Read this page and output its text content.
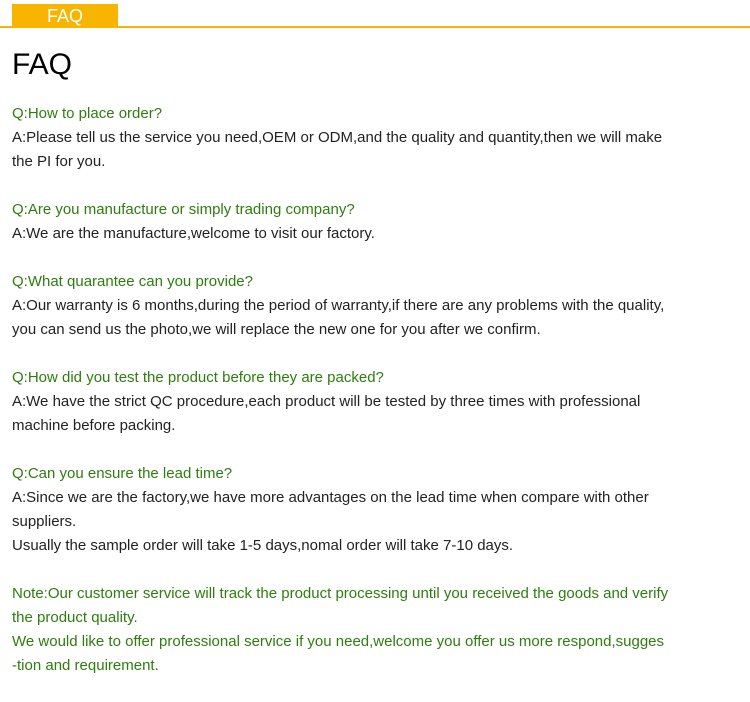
FAQ
FAQ
Q:How to place order?
A:Please tell us the service you need,OEM or ODM,and the quality and quantity,then we will make
the PI for you.
Q:Are you manufacture or simply trading company?
A:We are the manufacture,welcome to visit our factory.
Q:What quarantee can you provide?
A:Our warranty is 6 months,during the period of warranty,if there are any problems with the quality,
you can send us the photo,we will replace the new one for you after we confirm.
Q:How did you test the product before they are packed?
A:We have the strict QC procedure,each product will be tested by three times with professional
machine before packing.
Q:Can you ensure the lead time?
A:Since we are the factory,we have more advantages on the lead time when compare with other
suppliers.
Usually the sample order will take 1-5 days,nomal order will take 7-10 days.
Note:Our customer service will track the product processing until you received the goods and verify
the product quality.
We would like to offer professional service if you need,welcome you offer us more respond,sugges
-tion and requirement.
